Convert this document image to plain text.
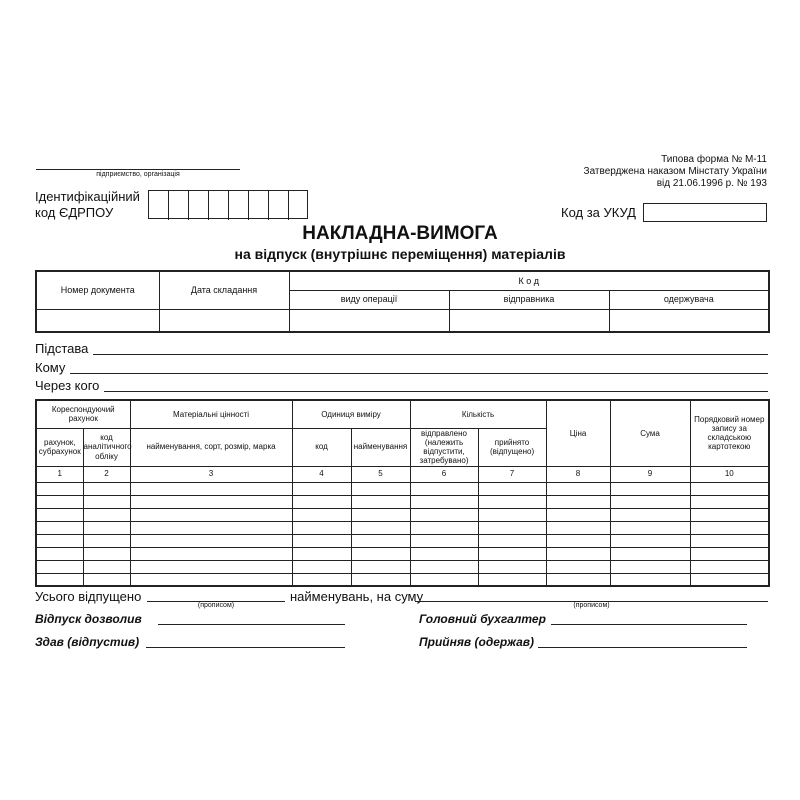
підприємство, організація
Типова форма № М-11
Затверджена наказом Мінстату України
від 21.06.1996 р. № 193
Ідентифікаційний
код ЄДРПОУ	Код за УКУД
НАКЛАДНА-ВИМОГА
на відпуск (внутрішнє переміщення) матеріалів
Номер документа	Дата складання	К о д		
		виду операції	відправника	одержувача

Підстава
Кому
Через кого
Кореспондуючий рахунок		Матеріальні цінності	Одиниця виміру		Кількість		Ціна	Сума	Порядковий номер запису за складською картотекою
рахунок, субрахунок	код аналітичного обліку	найменування, сорт, розмір, марка	код	найменування	відправлено (належить відпустити, затребувано)	прийнято (відпущено)			
1	2	3	4	5	6	7	8	9	10

Усього відпущено
(прописом)
найменувань, на суму
(прописом)
Відпуск дозволив	Головний бухгалтер
Здав (відпустив)	Прийняв (одержав)
